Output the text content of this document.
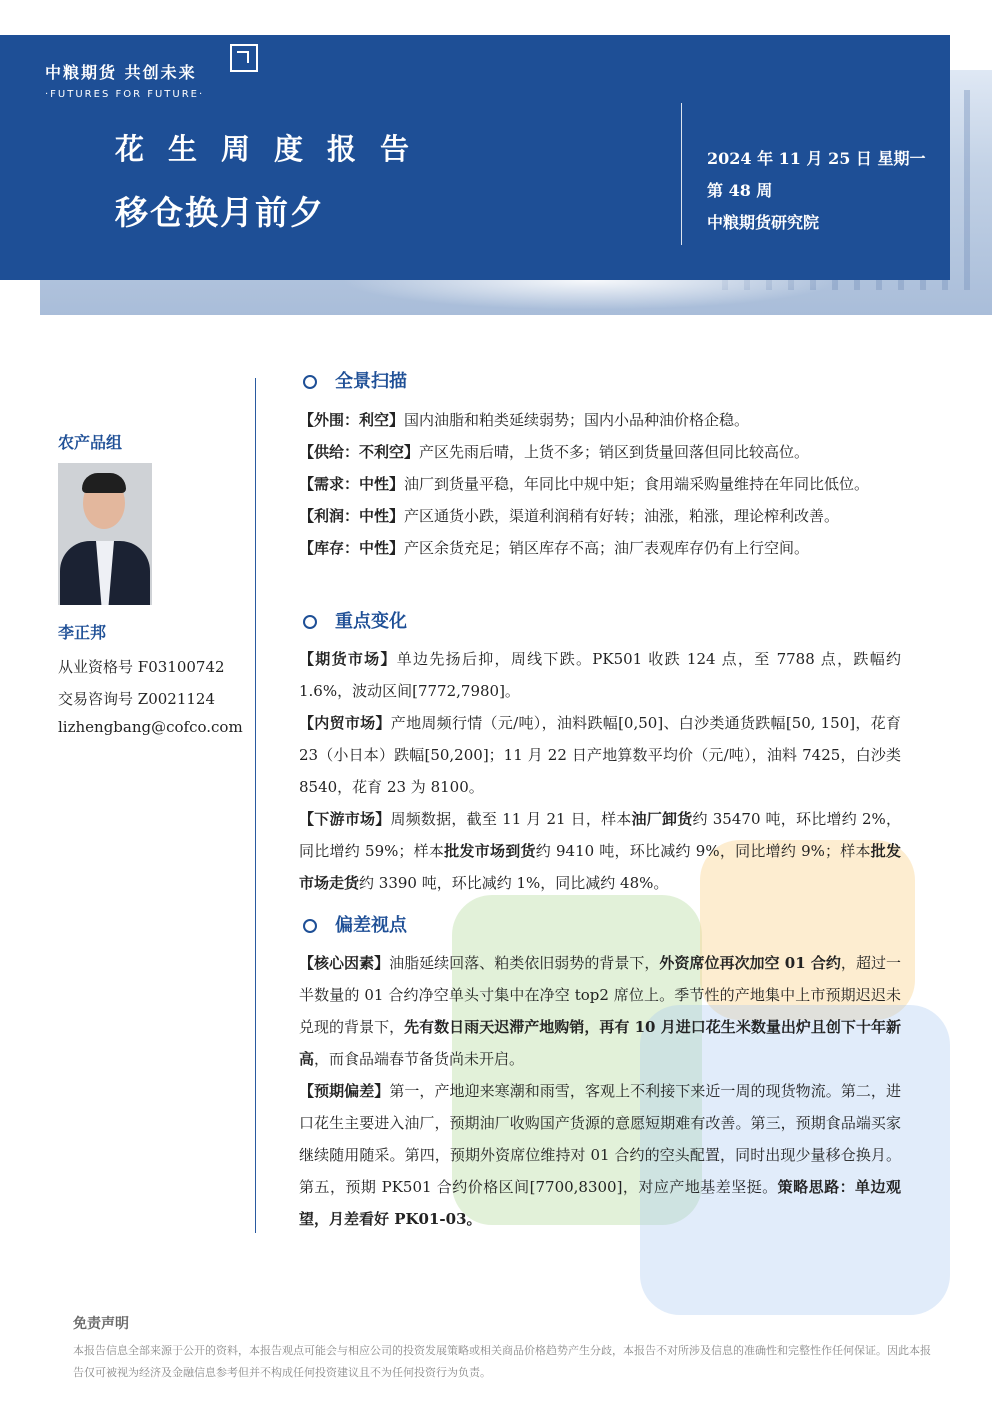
中粮期货 共创未来
·FUTURES FOR FUTURE·
花生周度报告
移仓换月前夕
2024 年 11 月 25 日 星期一
第 48 周
中粮期货研究院
农产品组
李正邦
从业资格号 F03100742
交易咨询号 Z0021124
lizhengbang@cofco.com
全景扫描
【外围：利空】国内油脂和粕类延续弱势；国内小品种油价格企稳。
【供给：不利空】产区先雨后晴，上货不多；销区到货量回落但同比较高位。
【需求：中性】油厂到货量平稳，年同比中规中矩；食用端采购量维持在年同比低位。
【利润：中性】产区通货小跌，渠道利润稍有好转；油涨，粕涨，理论榨利改善。
【库存：中性】产区余货充足；销区库存不高；油厂表观库存仍有上行空间。
重点变化
【期货市场】单边先扬后抑，周线下跌。PK501 收跌 124 点，至 7788 点，跌幅约 1.6%，波动区间[7772,7980]。
【内贸市场】产地周频行情（元/吨），油料跌幅[0,50]、白沙类通货跌幅[50, 150]，花育 23（小日本）跌幅[50,200]；11 月 22 日产地算数平均价（元/吨），油料 7425，白沙类 8540，花育 23 为 8100。
【下游市场】周频数据，截至 11 月 21 日，样本油厂卸货约 35470 吨，环比增约 2%，同比增约 59%；样本批发市场到货约 9410 吨，环比减约 9%，同比增约 9%；样本批发市场走货约 3390 吨，环比减约 1%，同比减约 48%。
偏差视点
【核心因素】油脂延续回落、粕类依旧弱势的背景下，外资席位再次加空 01 合约，超过一半数量的 01 合约净空单头寸集中在净空 top2 席位上。季节性的产地集中上市预期迟迟未兑现的背景下，先有数日雨天迟滞产地购销，再有 10 月进口花生米数量出炉且创下十年新高，而食品端春节备货尚未开启。
【预期偏差】第一，产地迎来寒潮和雨雪，客观上不利接下来近一周的现货物流。第二，进口花生主要进入油厂，预期油厂收购国产货源的意愿短期难有改善。第三，预期食品端买家继续随用随采。第四，预期外资席位维持对 01 合约的空头配置，同时出现少量移仓换月。第五，预期 PK501 合约价格区间[7700,8300]，对应产地基差坚挺。策略思路：单边观望，月差看好 PK01-03。
免责声明
本报告信息全部来源于公开的资料，本报告观点可能会与相应公司的投资发展策略或相关商品价格趋势产生分歧，本报告不对所涉及信息的准确性和完整性作任何保证。因此本报告仅可被视为经济及金融信息参考但并不构成任何投资建议且不为任何投资行为负责。
